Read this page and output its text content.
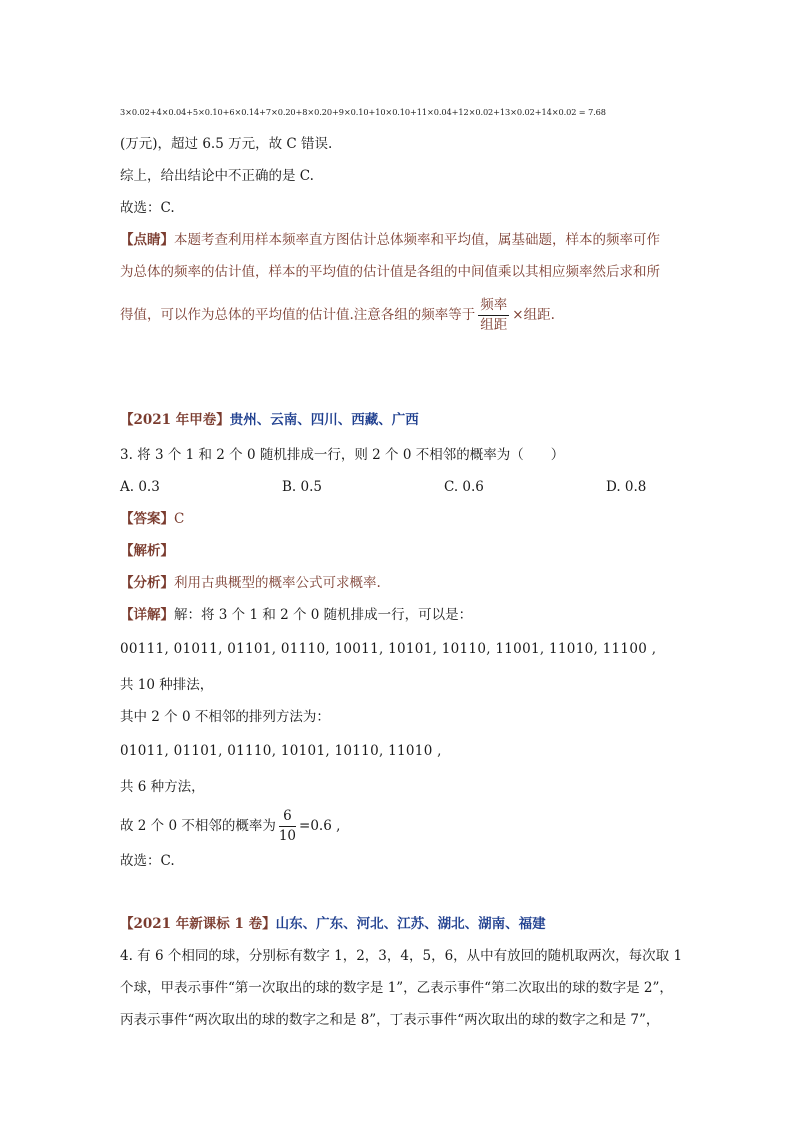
3×0.02+4×0.04+5×0.10+6×0.14+7×0.20+8×0.20+9×0.10+10×0.10+11×0.04+12×0.02+13×0.02+14×0.02 = 7.68
(万元)，超过 6.5 万元，故 C 错误.
综上，给出结论中不正确的是 C.
故选：C.
【点睛】本题考查利用样本频率直方图估计总体频率和平均值，属基础题，样本的频率可作
为总体的频率的估计值，样本的平均值的估计值是各组的中间值乘以其相应频率然后求和所
得值，可以作为总体的平均值的估计值.注意各组的频率等于 $\frac{\text{频率}}{\text{组距}}$ ×组距.
【2021 年甲卷】贵州、云南、四川、西藏、广西
3. 将 3 个 1 和 2 个 0 随机排成一行，则 2 个 0 不相邻的概率为（　　）
A. 0.3	B. 0.5	C. 0.6	D. 0.8
【答案】C
【解析】
【分析】利用古典概型的概率公式可求概率.
【详解】解：将 3 个 1 和 2 个 0 随机排成一行，可以是：
00111, 01011, 01101, 01110, 10011, 10101, 10110, 11001, 11010, 11100 ,
共 10 种排法，
其中 2 个 0 不相邻的排列方法为：
01011, 01101, 01110, 10101, 10110, 11010 ,
共 6 种方法，
故 2 个 0 不相邻的概率为 $\frac{6}{10} =0.6$ ,
故选：C.
【2021 年新课标 1 卷】山东、广东、河北、江苏、湖北、湖南、福建
4. 有 6 个相同的球，分别标有数字 1，2，3，4，5，6，从中有放回的随机取两次，每次取 1
个球，甲表示事件“第一次取出的球的数字是 1”，乙表示事件“第二次取出的球的数字是 2”，
丙表示事件“两次取出的球的数字之和是 8”，丁表示事件“两次取出的球的数字之和是 7”，
